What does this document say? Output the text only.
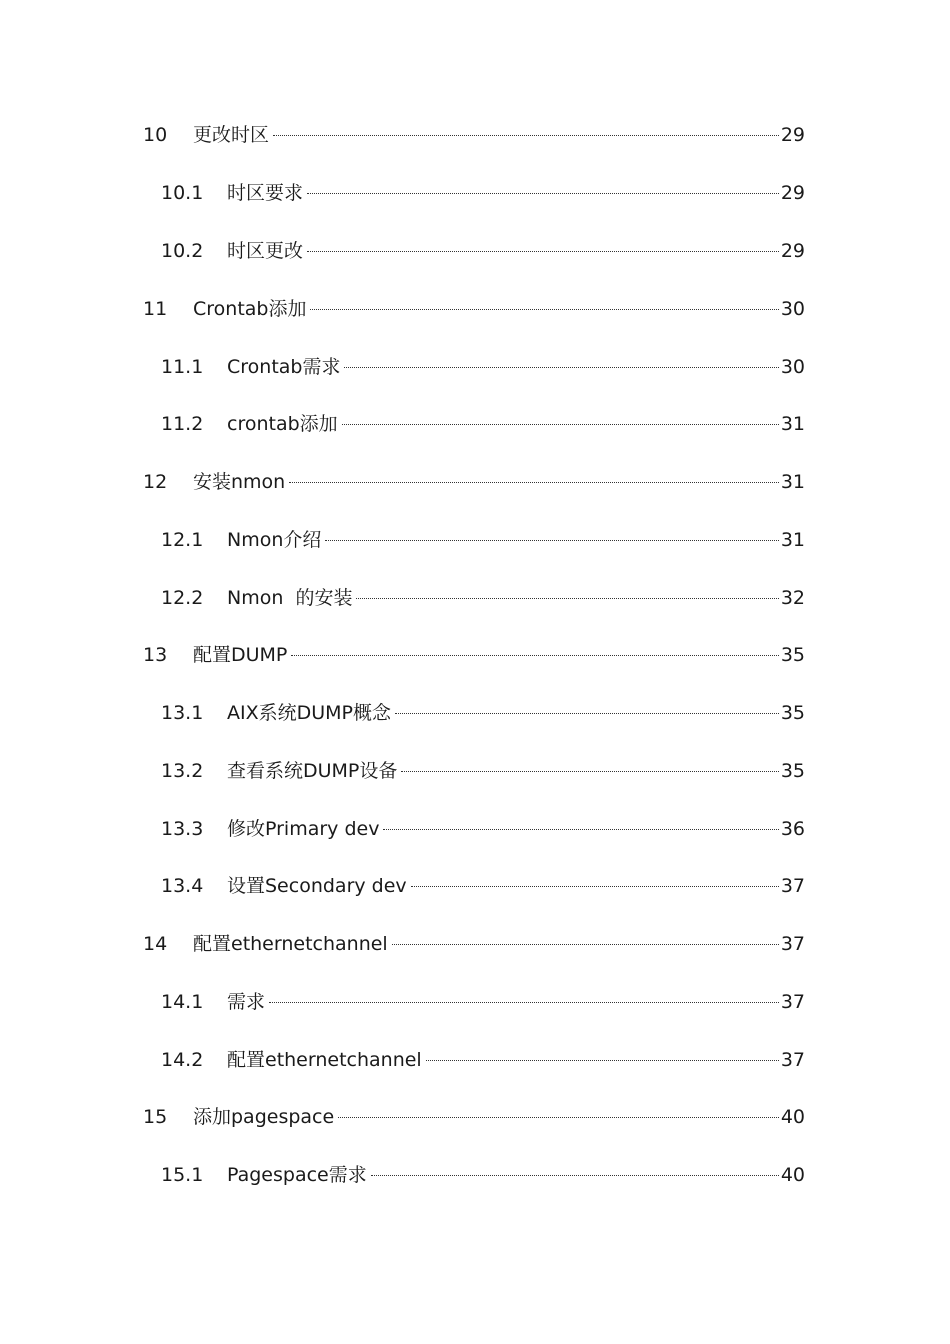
10 更改时区	29
10.1 时区要求	29
10.2 时区更改	29
11 Crontab添加	30
11.1 Crontab需求	30
11.2 crontab添加	31
12 安装nmon	31
12.1 Nmon介绍	31
12.2 Nmon  的安装	32
13 配置DUMP	35
13.1 AIX系统DUMP概念	35
13.2 查看系统DUMP设备	35
13.3 修改Primary dev	36
13.4 设置Secondary dev	37
14 配置ethernetchannel	37
14.1 需求	37
14.2 配置ethernetchannel	37
15 添加pagespace	40
15.1 Pagespace需求	40
